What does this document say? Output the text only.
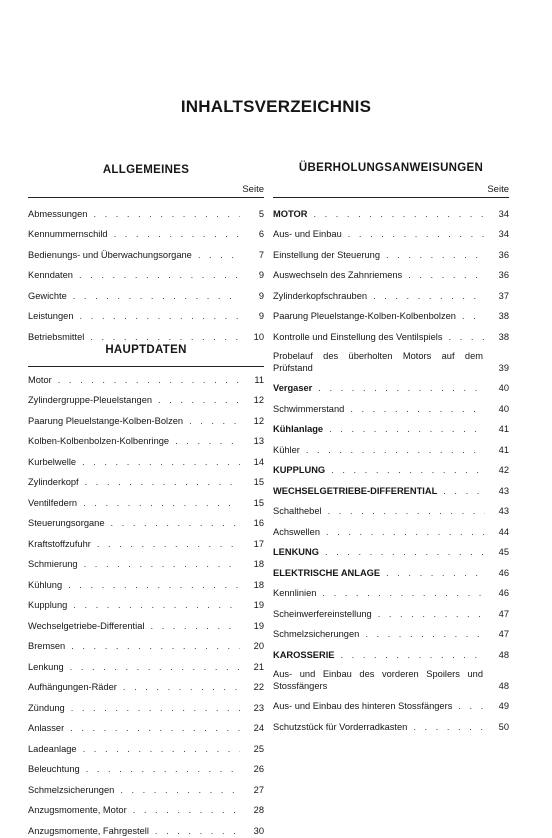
INHALTSVERZEICHNIS
ALLGEMEINES
Seite
Abmessungen . . .	5
Kennummernschild . . .	6
Bedienungs- und Überwachungsorgane . . .	7
Kenndaten . . .	9
Gewichte . . .	9
Leistungen . . .	9
Betriebsmittel . . .	10
HAUPTDATEN
Motor . . .	11
Zylindergruppe-Pleuelstangen . . .	12
Paarung Pleuelstange-Kolben-Bolzen . . .	12
Kolben-Kolbenbolzen-Kolbenringe . . .	13
Kurbelwelle . . .	14
Zylinderkopf . . .	15
Ventilfedern . . .	15
Steuerungsorgane . . .	16
Kraftstoffzufuhr . . .	17
Schmierung . . .	18
Kühlung . . .	18
Kupplung . . .	19
Wechselgetriebe-Differential . . .	19
Bremsen . . .	20
Lenkung . . .	21
Aufhängungen-Räder . . .	22
Zündung . . .	23
Anlasser . . .	24
Ladeanlage . . .	25
Beleuchtung . . .	26
Schmelzsicherungen . . .	27
Anzugsmomente, Motor . . .	28
Anzugsmomente, Fahrgestell . . .	30
ÜBERHOLUNGSANWEISUNGEN
Seite
MOTOR . . .	34
Aus- und Einbau . . .	34
Einstellung der Steuerung . . .	36
Auswechseln des Zahnriemens . . .	36
Zylinderkopfschrauben . . .	37
Paarung Pleuelstange-Kolben-Kolbenbolzen . . .	38
Kontrolle und Einstellung des Ventilspiels . . .	38
Probelauf des überholten Motors auf dem Prüfstand	39
Vergaser . . .	40
Schwimmerstand . . .	40
Kühlanlage . . .	41
Kühler . . .	41
KUPPLUNG . . .	42
WECHSELGETRIEBE-DIFFERENTIAL . . .	43
Schalthebel . . .	43
Achswellen . . .	44
LENKUNG . . .	45
ELEKTRISCHE ANLAGE . . .	46
Kennlinien . . .	46
Scheinwerfereinstellung . . .	47
Schmelzsicherungen . . .	47
KAROSSERIE . . .	48
Aus- und Einbau des vorderen Spoilers und Stossfängers	48
Aus- und Einbau des hinteren Stossfängers . . .	49
Schutzstück für Vorderradkasten . . .	50
